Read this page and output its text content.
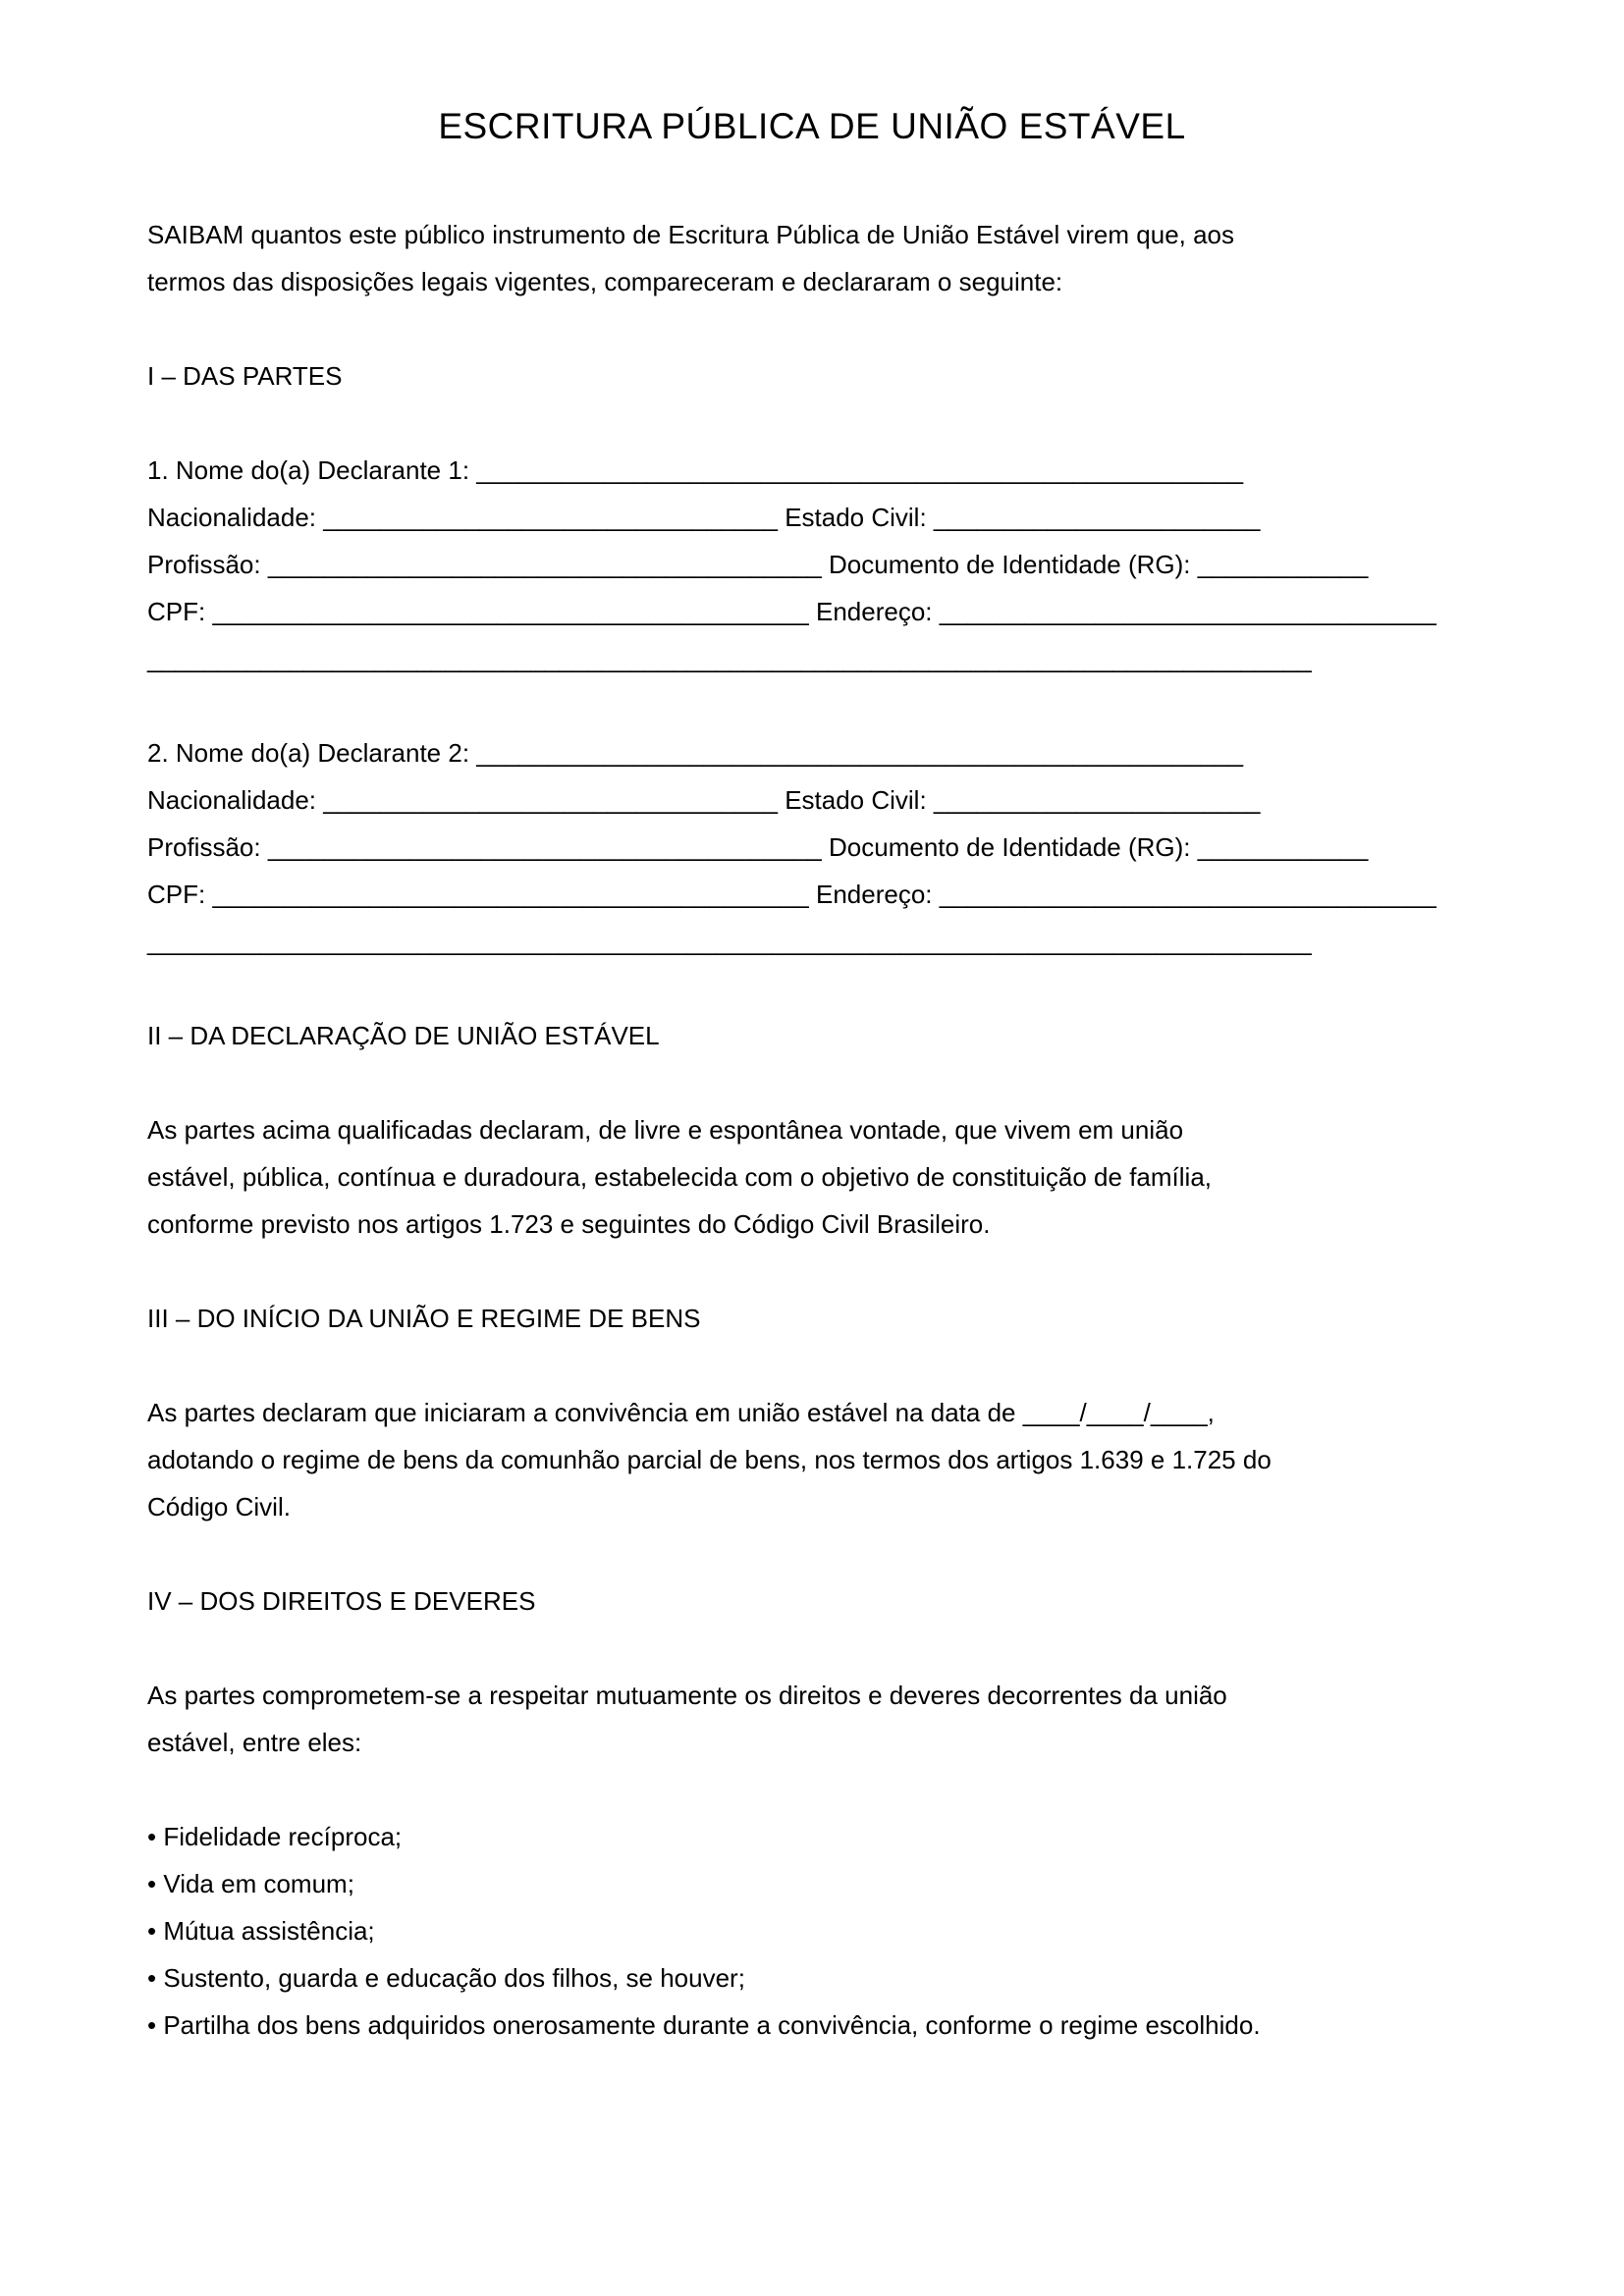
ESCRITURA PÚBLICA DE UNIÃO ESTÁVEL
SAIBAM quantos este público instrumento de Escritura Pública de União Estável virem que, aos
termos das disposições legais vigentes, compareceram e declararam o seguinte:
I – DAS PARTES
1. Nome do(a) Declarante 1: ______________________________________________________
Nacionalidade: ________________________________ Estado Civil: _______________________
Profissão: _______________________________________ Documento de Identidade (RG): ____________
CPF: __________________________________________ Endereço: ___________________________________
__________________________________________________________________________________
2. Nome do(a) Declarante 2: ______________________________________________________
Nacionalidade: ________________________________ Estado Civil: _______________________
Profissão: _______________________________________ Documento de Identidade (RG): ____________
CPF: __________________________________________ Endereço: ___________________________________
__________________________________________________________________________________
II – DA DECLARAÇÃO DE UNIÃO ESTÁVEL
As partes acima qualificadas declaram, de livre e espontânea vontade, que vivem em união
estável, pública, contínua e duradoura, estabelecida com o objetivo de constituição de família,
conforme previsto nos artigos 1.723 e seguintes do Código Civil Brasileiro.
III – DO INÍCIO DA UNIÃO E REGIME DE BENS
As partes declaram que iniciaram a convivência em união estável na data de ____/____/____,
adotando o regime de bens da comunhão parcial de bens, nos termos dos artigos 1.639 e 1.725 do
Código Civil.
IV – DOS DIREITOS E DEVERES
As partes comprometem-se a respeitar mutuamente os direitos e deveres decorrentes da união
estável, entre eles:
• Fidelidade recíproca;
• Vida em comum;
• Mútua assistência;
• Sustento, guarda e educação dos filhos, se houver;
• Partilha dos bens adquiridos onerosamente durante a convivência, conforme o regime escolhido.
